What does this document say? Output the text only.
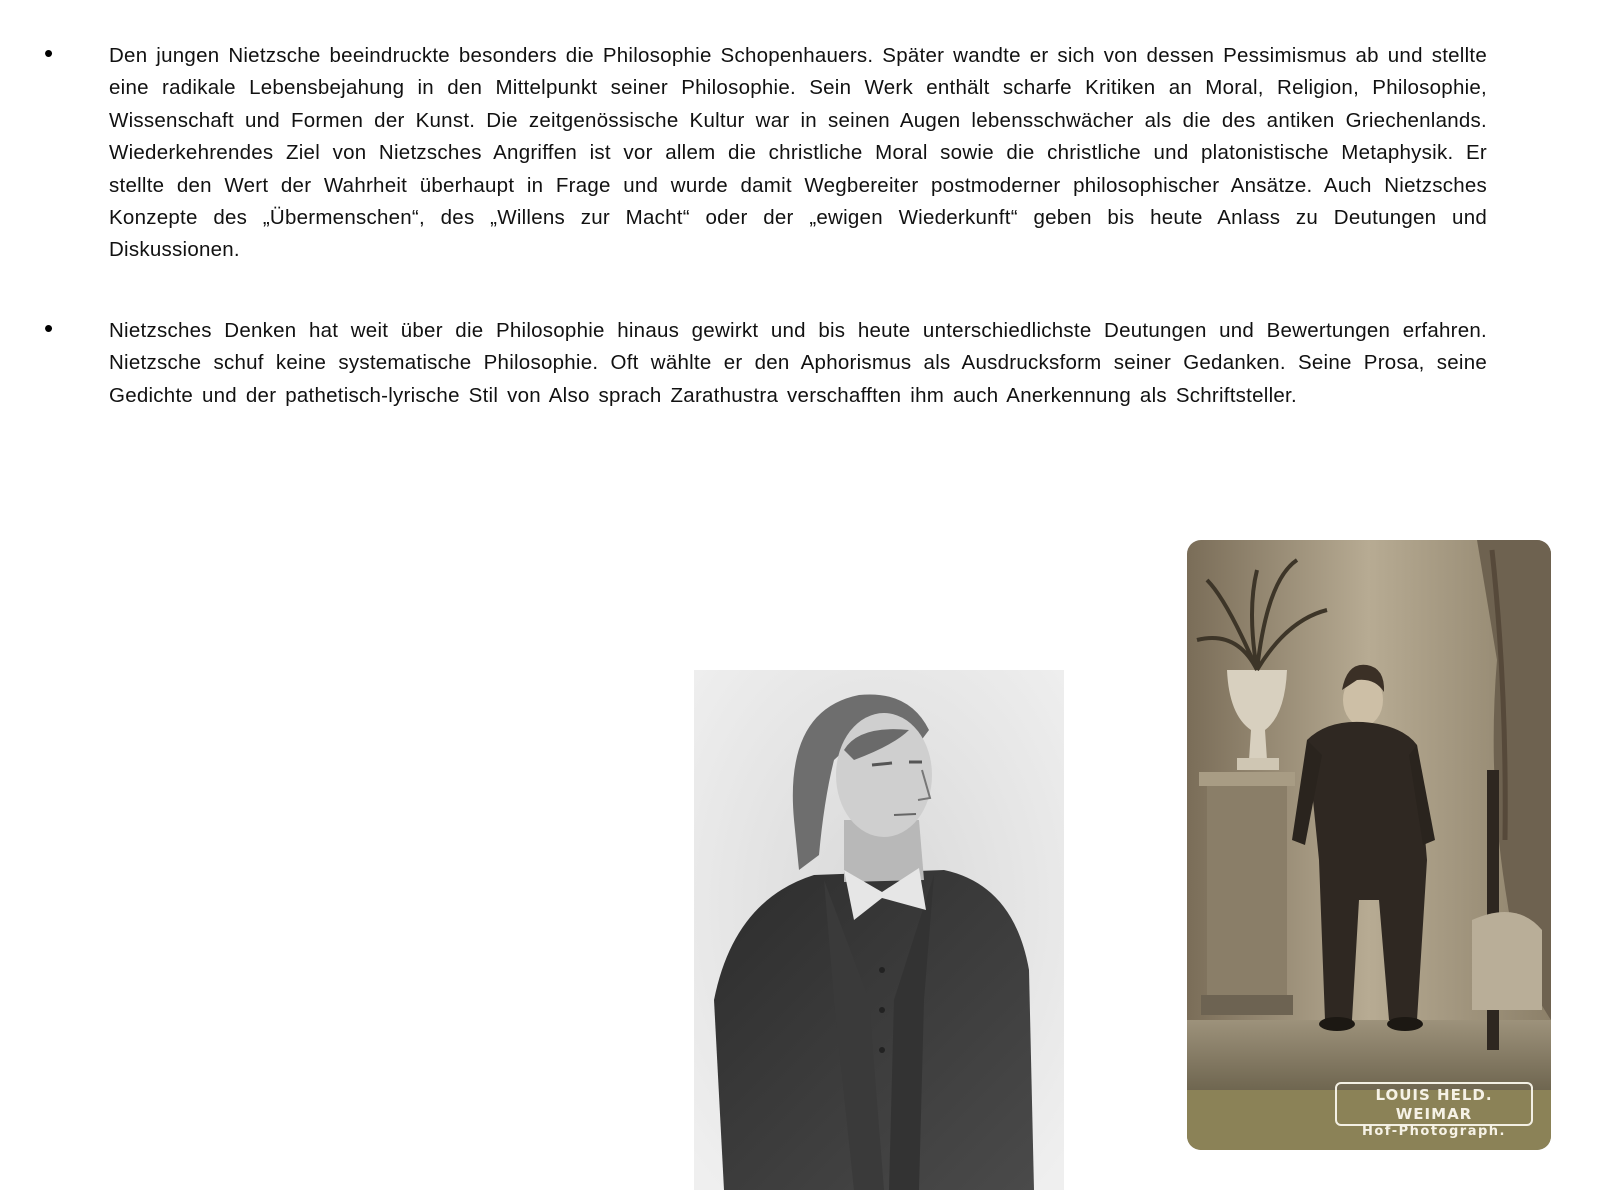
•	Den jungen Nietzsche beeindruckte besonders die Philosophie Schopenhauers. Später wandte er sich von dessen Pessimismus ab und stellte eine radikale Lebensbejahung in den Mittelpunkt seiner Philosophie. Sein Werk enthält scharfe Kritiken an Moral, Religion, Philosophie, Wissenschaft und Formen der Kunst. Die zeitgenössische Kultur war in seinen Augen lebensschwächer als die des antiken Griechenlands. Wiederkehrendes Ziel von Nietzsches Angriffen ist vor allem die christliche Moral sowie die christliche und platonistische Metaphysik. Er stellte den Wert der Wahrheit überhaupt in Frage und wurde damit Wegbereiter postmoderner philosophischer Ansätze. Auch Nietzsches Konzepte des „Übermenschen“, des „Willens zur Macht“ oder der „ewigen Wiederkunft“ geben bis heute Anlass zu Deutungen und Diskussionen.

•	Nietzsches Denken hat weit über die Philosophie hinaus gewirkt und bis heute unterschiedlichste Deutungen und Bewertungen erfahren. Nietzsche schuf keine systematische Philosophie. Oft wählte er den Aphorismus als Ausdrucksform seiner Gedanken. Seine Prosa, seine Gedichte und der pathetisch-lyrische Stil von Also sprach Zarathustra verschafften ihm auch Anerkennung als Schriftsteller.

LOUIS HELD. WEIMAR
Hof-Photograph.
